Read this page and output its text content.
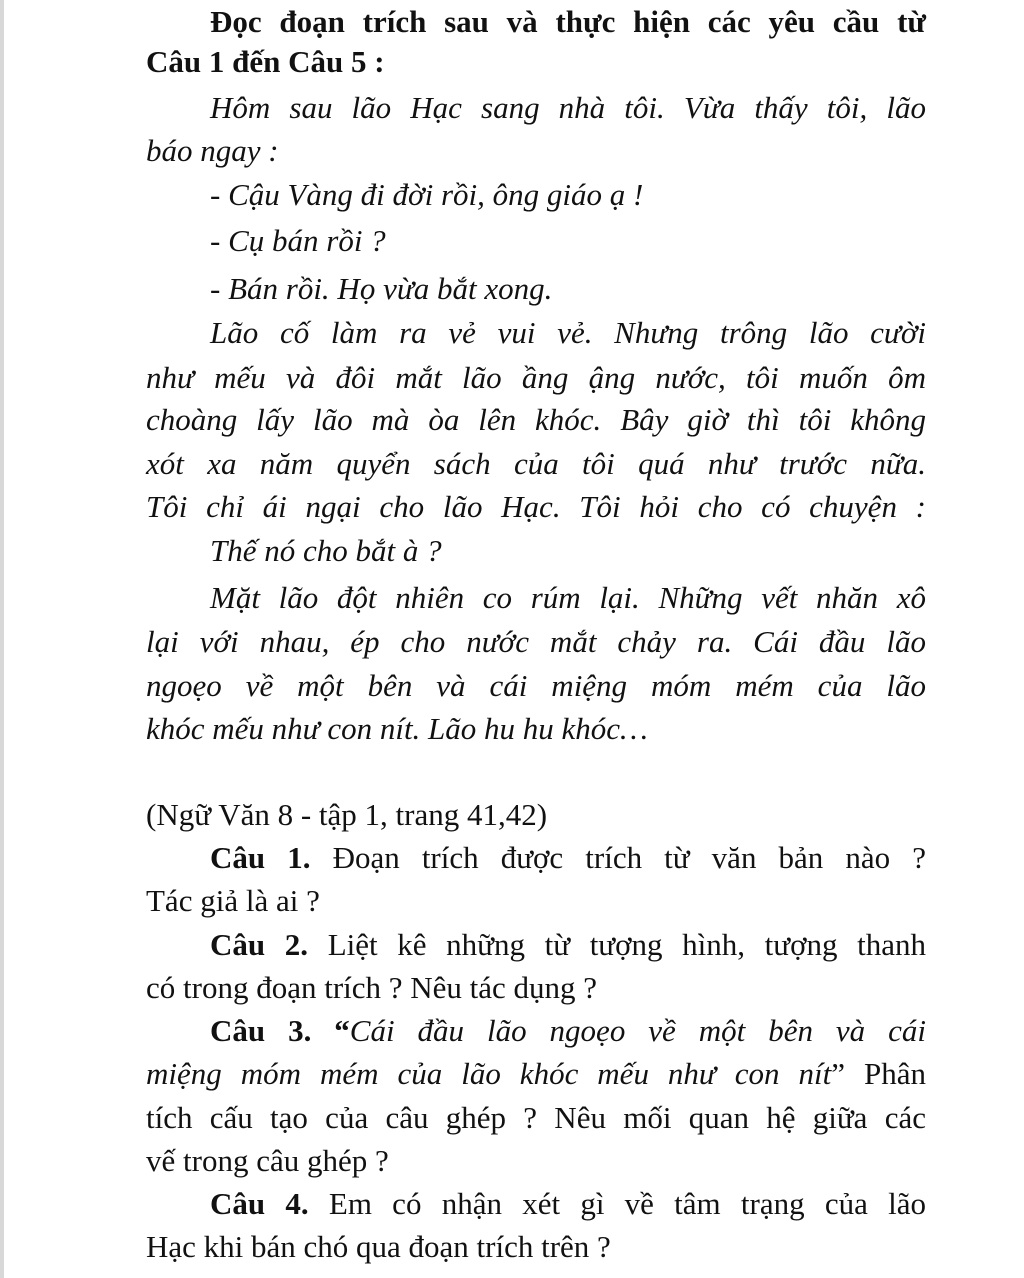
Đọc đoạn trích sau và thực hiện các yêu cầu từ
Câu 1 đến Câu 5 :
Hôm sau lão Hạc sang nhà tôi. Vừa thấy tôi, lão
báo ngay :
- Cậu Vàng đi đời rồi, ông giáo ạ !
- Cụ bán rồi ?
- Bán rồi. Họ vừa bắt xong.
Lão cố làm ra vẻ vui vẻ. Nhưng trông lão cười
như mếu và đôi mắt lão ầng ậng nước, tôi muốn ôm
choàng lấy lão mà òa lên khóc. Bây giờ thì tôi không
xót xa năm quyển sách của tôi quá như trước nữa.
Tôi chỉ ái ngại cho lão Hạc. Tôi hỏi cho có chuyện :
Thế nó cho bắt à ?
Mặt lão đột nhiên co rúm lại. Những vết nhăn xô
lại với nhau, ép cho nước mắt chảy ra. Cái đầu lão
ngoẹo về một bên và cái miệng móm mém của lão
khóc mếu như con nít. Lão hu hu khóc…
(Ngữ Văn 8 - tập 1, trang 41,42)
Câu 1. Đoạn trích được trích từ văn bản nào ?
Tác giả là ai ?
Câu 2. Liệt kê những từ tượng hình, tượng thanh
có trong đoạn trích ? Nêu tác dụng ?
Câu 3. “Cái đầu lão ngoẹo về một bên và cái
miệng móm mém của lão khóc mếu như con nít” Phân
tích cấu tạo của câu ghép ? Nêu mối quan hệ giữa các
vế trong câu ghép ?
Câu 4. Em có nhận xét gì về tâm trạng của lão
Hạc khi bán chó qua đoạn trích trên ?
